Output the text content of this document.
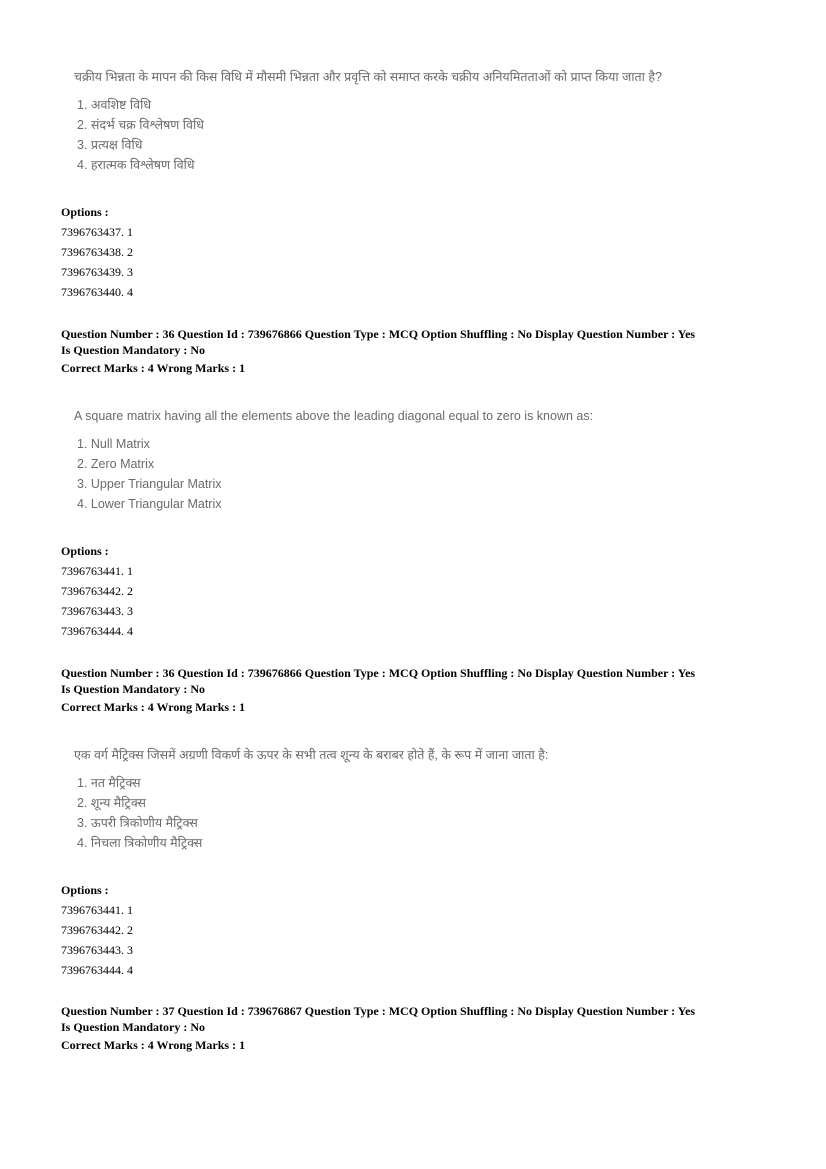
चक्रीय भिन्नता के मापन की किस विधि में मौसमी भिन्नता और प्रवृत्ति को समाप्त करके चक्रीय अनियमितताओं को प्राप्त किया जाता है?
1. अवशिष्ट विधि
2. संदर्भ चक्र विश्लेषण विधि
3. प्रत्यक्ष विधि
4. हरात्मक विश्लेषण विधि
Options :
7396763437. 1
7396763438. 2
7396763439. 3
7396763440. 4
Question Number : 36 Question Id : 739676866 Question Type : MCQ Option Shuffling : No Display Question Number : Yes
Is Question Mandatory : No
Correct Marks : 4 Wrong Marks : 1
A square matrix having all the elements above the leading diagonal equal to zero is known as:
1. Null Matrix
2. Zero Matrix
3. Upper Triangular Matrix
4. Lower Triangular Matrix
Options :
7396763441. 1
7396763442. 2
7396763443. 3
7396763444. 4
Question Number : 36 Question Id : 739676866 Question Type : MCQ Option Shuffling : No Display Question Number : Yes
Is Question Mandatory : No
Correct Marks : 4 Wrong Marks : 1
एक वर्ग मैट्रिक्स जिसमें अग्रणी विकर्ण के ऊपर के सभी तत्व शून्य के बराबर होते हैं, के रूप में जाना जाता है:
1. नत मैट्रिक्स
2. शून्य मैट्रिक्स
3. ऊपरी त्रिकोणीय मैट्रिक्स
4. निचला त्रिकोणीय मैट्रिक्स
Options :
7396763441. 1
7396763442. 2
7396763443. 3
7396763444. 4
Question Number : 37 Question Id : 739676867 Question Type : MCQ Option Shuffling : No Display Question Number : Yes
Is Question Mandatory : No
Correct Marks : 4 Wrong Marks : 1
